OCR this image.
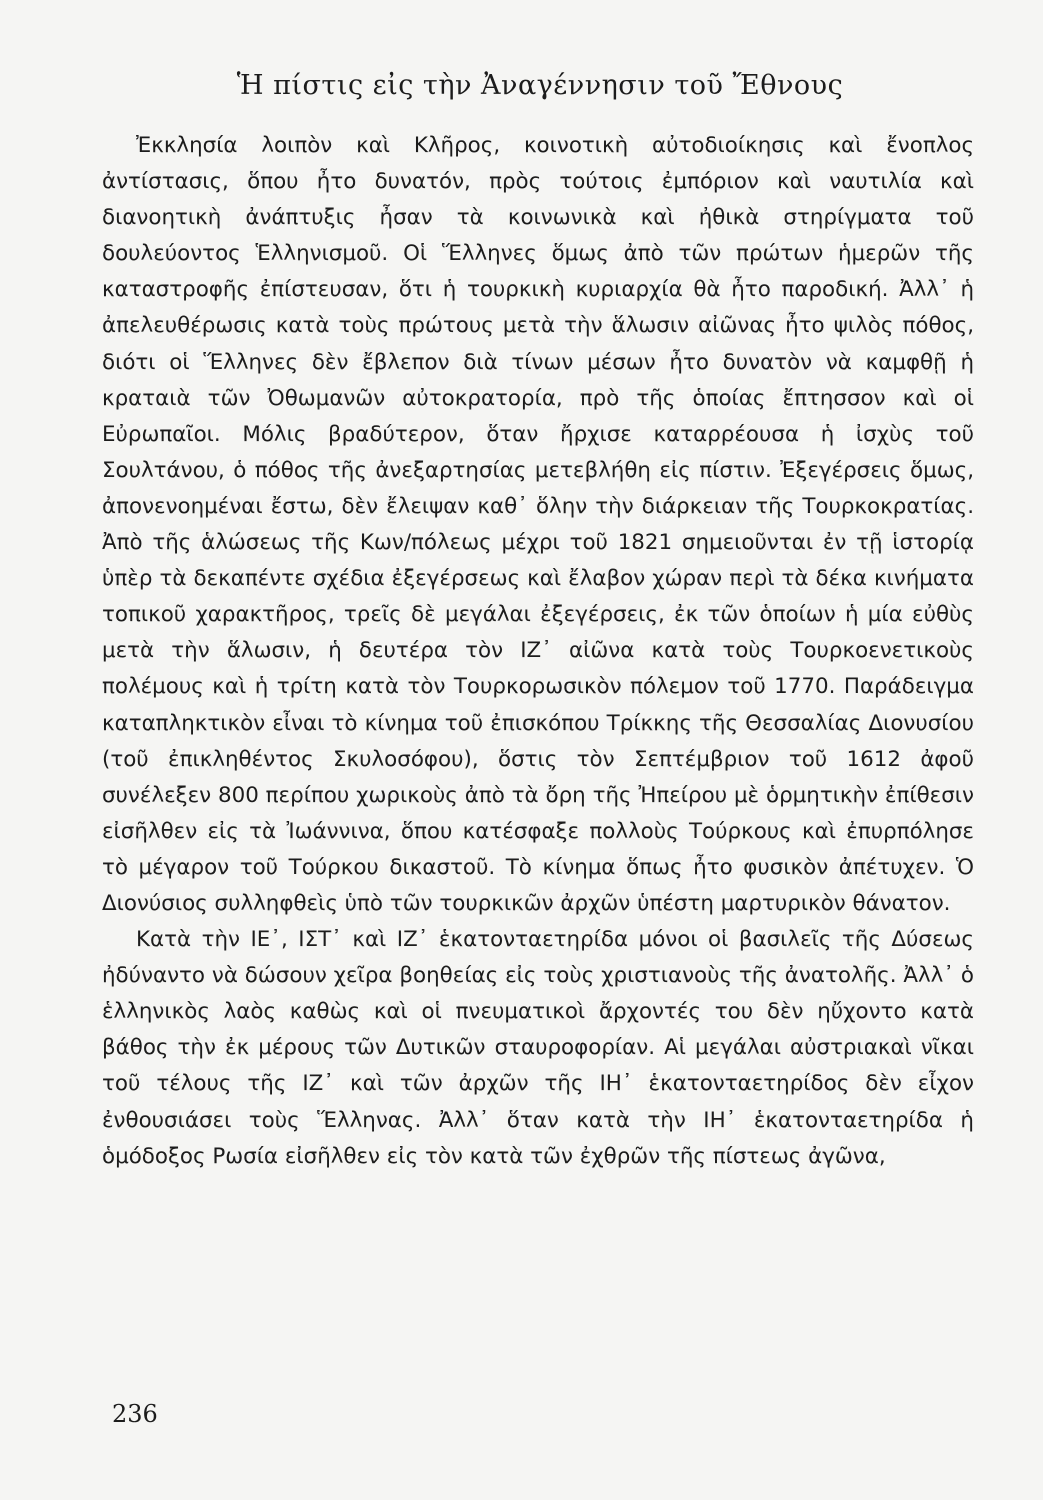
Ἡ πίστις εἰς τὴν Ἀναγέννησιν τοῦ Ἔθνους

Ἐκκλησία λοιπὸν καὶ Κλῆρος, κοινοτικὴ αὐτοδιοίκησις καὶ ἔνοπλος ἀντίστασις, ὅπου ἦτο δυνατόν, πρὸς τούτοις ἐμπόριον καὶ ναυτιλία καὶ διανοητικὴ ἀνάπτυξις ἦσαν τὰ κοινωνικὰ καὶ ἠθικὰ στηρίγματα τοῦ δουλεύοντος Ἑλληνισμοῦ. Οἱ Ἕλληνες ὅμως ἀπὸ τῶν πρώτων ἡμερῶν τῆς καταστροφῆς ἐπίστευσαν, ὅτι ἡ τουρκικὴ κυριαρχία θὰ ἦτο παροδική. Ἀλλ᾿ ἡ ἀπελευθέρωσις κατὰ τοὺς πρώτους μετὰ τὴν ἅλωσιν αἰῶνας ἦτο ψιλὸς πόθος, διότι οἱ Ἕλληνες δὲν ἔβλεπον διὰ τίνων μέσων ἦτο δυνατὸν νὰ καμφθῇ ἡ κραταιὰ τῶν Ὀθωμανῶν αὐτοκρατορία, πρὸ τῆς ὁποίας ἔπτησσον καὶ οἱ Εὐρωπαῖοι. Μόλις βραδύτερον, ὅταν ἤρχισε καταρρέουσα ἡ ἰσχὺς τοῦ Σουλτάνου, ὁ πόθος τῆς ἀνεξαρτησίας μετεβλήθη εἰς πίστιν. Ἐξεγέρσεις ὅμως, ἀπονενοημέναι ἔστω, δὲν ἔλειψαν καθ᾿ ὅλην τὴν διάρκειαν τῆς Τουρκοκρατίας. Ἀπὸ τῆς ἁλώσεως τῆς Κων/πόλεως μέχρι τοῦ 1821 σημειοῦνται ἐν τῇ ἱστορίᾳ ὑπὲρ τὰ δεκαπέντε σχέδια ἐξεγέρσεως καὶ ἔλαβον χώραν περὶ τὰ δέκα κινήματα τοπικοῦ χαρακτῆρος, τρεῖς δὲ μεγάλαι ἐξεγέρσεις, ἐκ τῶν ὁποίων ἡ μία εὐθὺς μετὰ τὴν ἅλωσιν, ἡ δευτέρα τὸν ΙΖ᾿ αἰῶνα κατὰ τοὺς Τουρκοενετικοὺς πολέμους καὶ ἡ τρίτη κατὰ τὸν Τουρκορωσικὸν πόλεμον τοῦ 1770. Παράδειγμα καταπληκτικὸν εἶναι τὸ κίνημα τοῦ ἐπισκόπου Τρίκκης τῆς Θεσσαλίας Διονυσίου (τοῦ ἐπικληθέντος Σκυλοσόφου), ὅστις τὸν Σεπτέμβριον τοῦ 1612 ἀφοῦ συνέλεξεν 800 περίπου χωρικοὺς ἀπὸ τὰ ὄρη τῆς Ἠπείρου μὲ ὁρμητικὴν ἐπίθεσιν εἰσῆλθεν εἰς τὰ Ἰωάννινα, ὅπου κατέσφαξε πολλοὺς Τούρκους καὶ ἐπυρπόλησε τὸ μέγαρον τοῦ Τούρκου δικαστοῦ. Τὸ κίνημα ὅπως ἦτο φυσικὸν ἀπέτυχεν. Ὁ Διονύσιος συλληφθεὶς ὑπὸ τῶν τουρκικῶν ἀρχῶν ὑπέστη μαρτυρικὸν θάνατον.

Κατὰ τὴν ΙΕ᾿, ΙΣΤ᾿ καὶ ΙΖ᾿ ἑκατονταετηρίδα μόνοι οἱ βασιλεῖς τῆς Δύσεως ἠδύναντο νὰ δώσουν χεῖρα βοηθείας εἰς τοὺς χριστιανοὺς τῆς ἀνατολῆς. Ἀλλ᾿ ὁ ἑλληνικὸς λαὸς καθὼς καὶ οἱ πνευματικοὶ ἄρχοντές του δὲν ηὔχοντο κατὰ βάθος τὴν ἐκ μέρους τῶν Δυτικῶν σταυροφορίαν. Αἱ μεγάλαι αὐστριακαὶ νῖκαι τοῦ τέλους τῆς ΙΖ᾿ καὶ τῶν ἀρχῶν τῆς ΙΗ᾿ ἑκατονταετηρίδος δὲν εἶχον ἐνθουσιάσει τοὺς Ἕλληνας. Ἀλλ᾿ ὅταν κατὰ τὴν ΙΗ᾿ ἑκατονταετηρίδα ἡ ὁμόδοξος Ρωσία εἰσῆλθεν εἰς τὸν κατὰ τῶν ἐχθρῶν τῆς πίστεως ἀγῶνα,

236
